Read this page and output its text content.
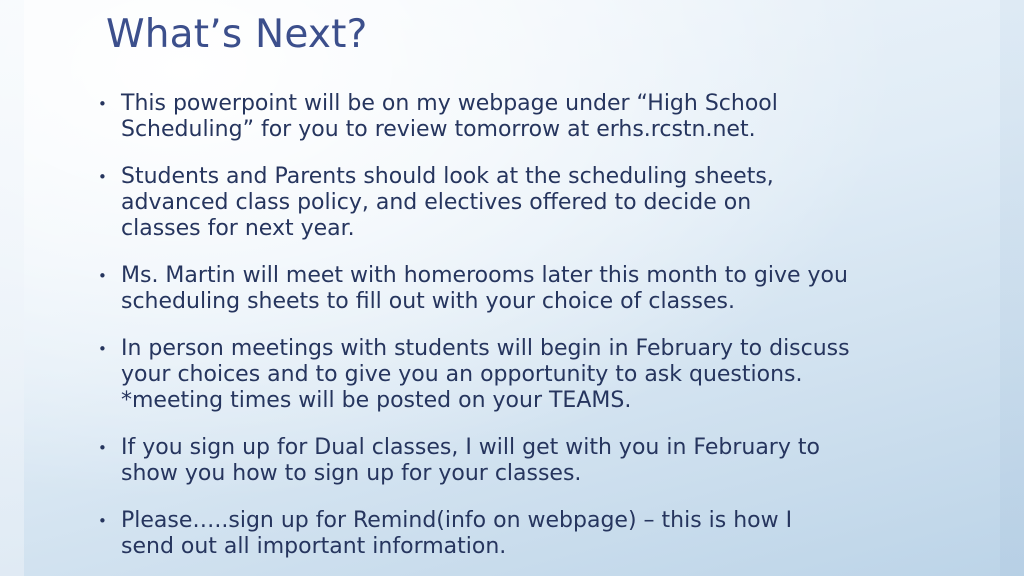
What’s Next?
• This powerpoint will be on my webpage under “High School
Scheduling” for you to review tomorrow at erhs.rcstn.net.
• Students and Parents should look at the scheduling sheets,
advanced class policy, and electives offered to decide on
classes for next year.
• Ms. Martin will meet with homerooms later this month to give you
scheduling sheets to fill out with your choice of classes.
• In person meetings with students will begin in February to discuss
your choices and to give you an opportunity to ask questions.
*meeting times will be posted on your TEAMS.
• If you sign up for Dual classes, I will get with you in February to
show you how to sign up for your classes.
• Please…..sign up for Remind(info on webpage) – this is how I
send out all important information.
